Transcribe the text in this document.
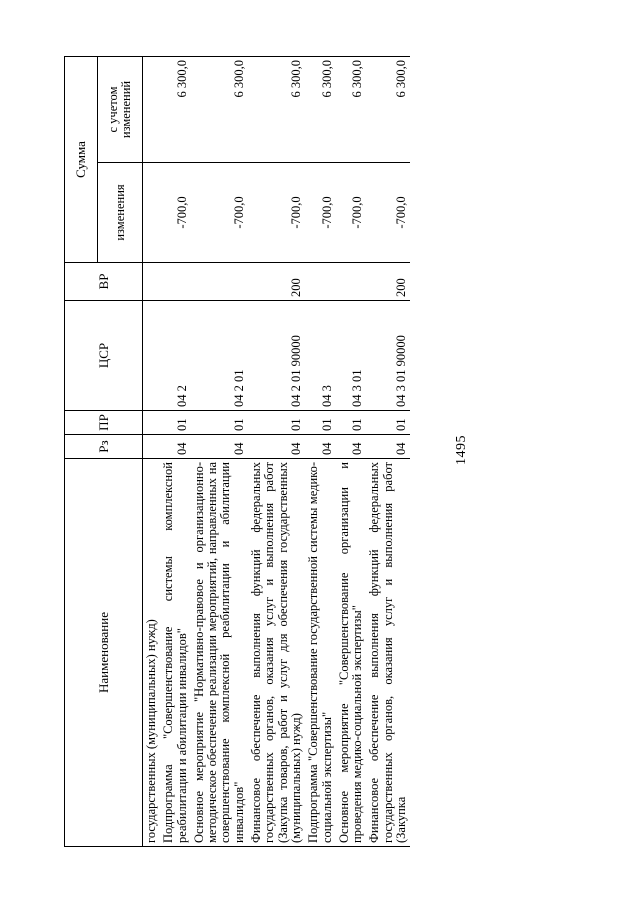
1495
Наименование	Рз	ПР	ЦСР	ВР	Сумма	
					изменения	с учетом изменений
государственных (муниципальных) нужд)						
Подпрограмма "Совершенствование системы комплексной реабилитации и абилитации инвалидов"	04	01	04 2		-700,0	6 300,0
Основное мероприятие "Нормативно-правовое и организационно-методическое обеспечение реализации мероприятий, направленных на совершенствование комплексной реабилитации и абилитации инвалидов"	04	01	04 2 01		-700,0	6 300,0
Финансовое обеспечение выполнения функций федеральных государственных органов, оказания услуг и выполнения работ (Закупка товаров, работ и услуг для обеспечения государственных (муниципальных) нужд)	04	01	04 2 01 90000	200	-700,0	6 300,0
Подпрограмма "Совершенствование государственной системы медико-социальной экспертизы"	04	01	04 3		-700,0	6 300,0
Основное мероприятие "Совершенствование организации и проведения медико-социальной экспертизы"	04	01	04 3 01		-700,0	6 300,0
Финансовое обеспечение выполнения функций федеральных государственных органов, оказания услуг и выполнения работ (Закупка	04	01	04 3 01 90000	200	-700,0	6 300,0
